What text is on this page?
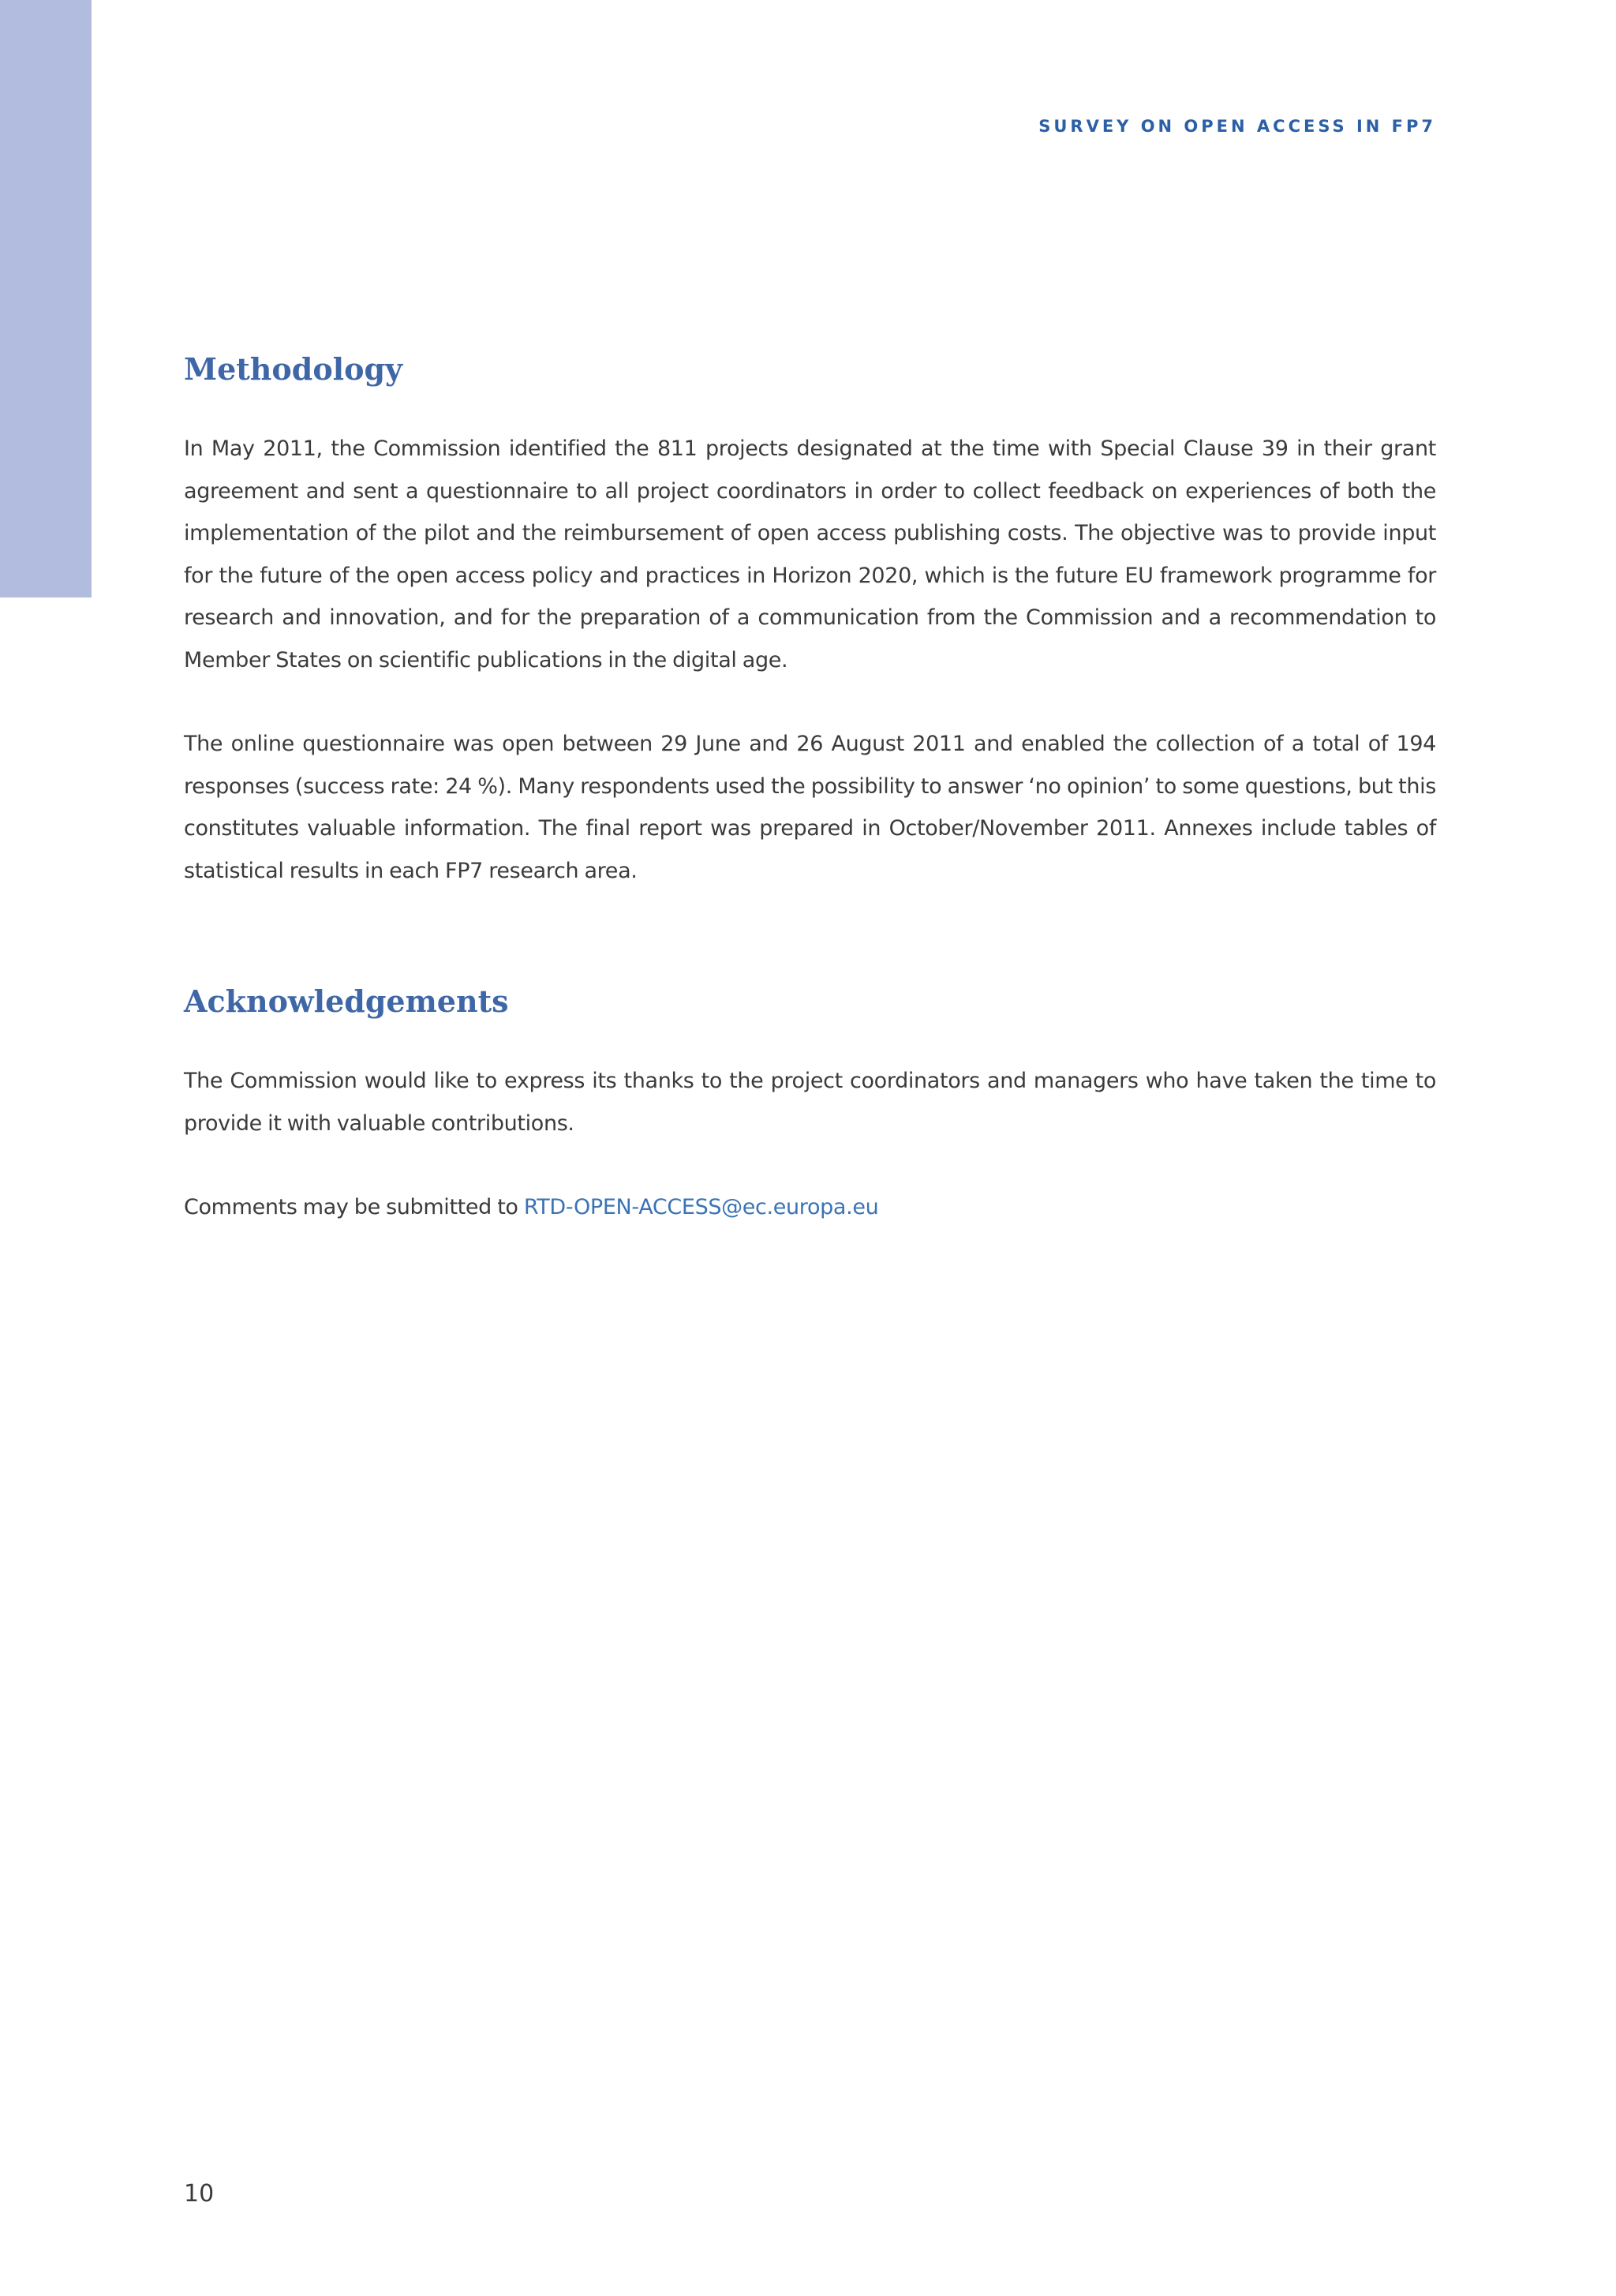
SURVEY ON OPEN ACCESS IN FP7
Methodology

In May 2011, the Commission identified the 811 projects designated at the time with Special Clause 39 in their grant agreement and sent a questionnaire to all project coordinators in order to collect feedback on experiences of both the implementation of the pilot and the reimbursement of open access publishing costs. The objective was to provide input for the future of the open access policy and practices in Horizon 2020, which is the future EU framework programme for research and innovation, and for the preparation of a communication from the Commission and a recommendation to Member States on scientific publications in the digital age.

The online questionnaire was open between 29 June and 26 August 2011 and enabled the collection of a total of 194 responses (success rate: 24 %). Many respondents used the possibility to answer ‘no opinion’ to some questions, but this constitutes valuable information. The final report was prepared in October/November 2011. Annexes include tables of statistical results in each FP7 research area.

Acknowledgements

The Commission would like to express its thanks to the project coordinators and managers who have taken the time to provide it with valuable contributions.

Comments may be submitted to RTD-OPEN-ACCESS@ec.europa.eu

10
